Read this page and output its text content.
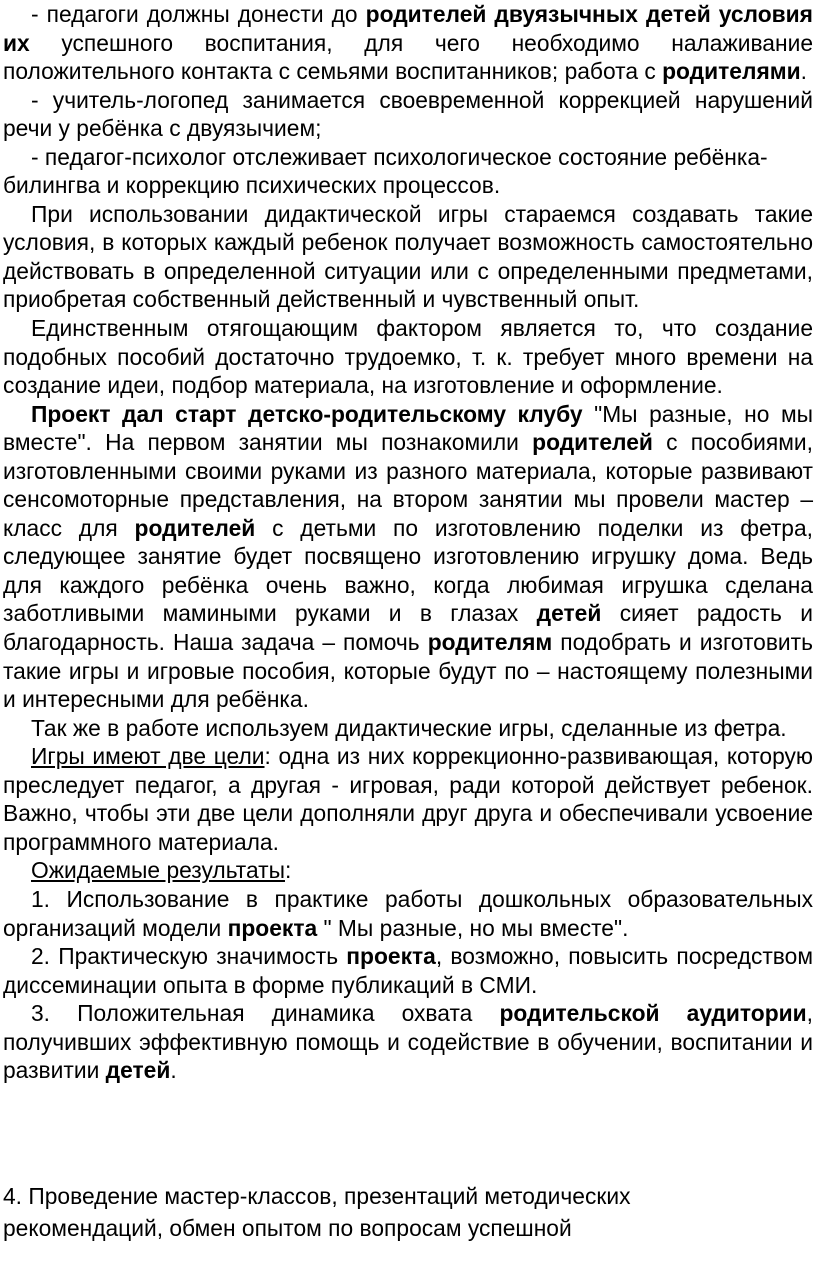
- педагоги должны донести до родителей двуязычных детей условия их успешного воспитания, для чего необходимо налаживание положительного контакта с семьями воспитанников; работа с родителями.

- учитель-логопед занимается своевременной коррекцией нарушений речи у ребёнка с двуязычием;

- педагог-психолог отслеживает психологическое состояние ребёнка-билингва и коррекцию психических процессов.

При использовании дидактической игры стараемся создавать такие условия, в которых каждый ребенок получает возможность самостоятельно действовать в определенной ситуации или с определенными предметами, приобретая собственный действенный и чувственный опыт.

Единственным отягощающим фактором является то, что создание подобных пособий достаточно трудоемко, т. к. требует много времени на создание идеи, подбор материала, на изготовление и оформление.

Проект дал старт детско-родительскому клубу "Мы разные, но мы вместе". На первом занятии мы познакомили родителей с пособиями, изготовленными своими руками из разного материала, которые развивают сенсомоторные представления, на втором занятии мы провели мастер – класс для родителей с детьми по изготовлению поделки из фетра, следующее занятие будет посвящено изготовлению игрушку дома. Ведь для каждого ребёнка очень важно, когда любимая игрушка сделана заботливыми мамиными руками и в глазах детей сияет радость и благодарность. Наша задача – помочь родителям подобрать и изготовить такие игры и игровые пособия, которые будут по – настоящему полезными и интересными для ребёнка.

Так же в работе используем дидактические игры, сделанные из фетра.

Игры имеют две цели: одна из них коррекционно-развивающая, которую преследует педагог, а другая - игровая, ради которой действует ребенок. Важно, чтобы эти две цели дополняли друг друга и обеспечивали усвоение программного материала.

Ожидаемые результаты:

1. Использование в практике работы дошкольных образовательных организаций модели проекта " Мы разные, но мы вместе".

2. Практическую значимость проекта, возможно, повысить посредством диссеминации опыта в форме публикаций в СМИ.

3. Положительная динамика охвата родительской аудитории, получивших эффективную помощь и содействие в обучении, воспитании и развитии детей.

4. Проведение мастер-классов, презентаций методических
рекомендаций, обмен опытом по вопросам успешной
